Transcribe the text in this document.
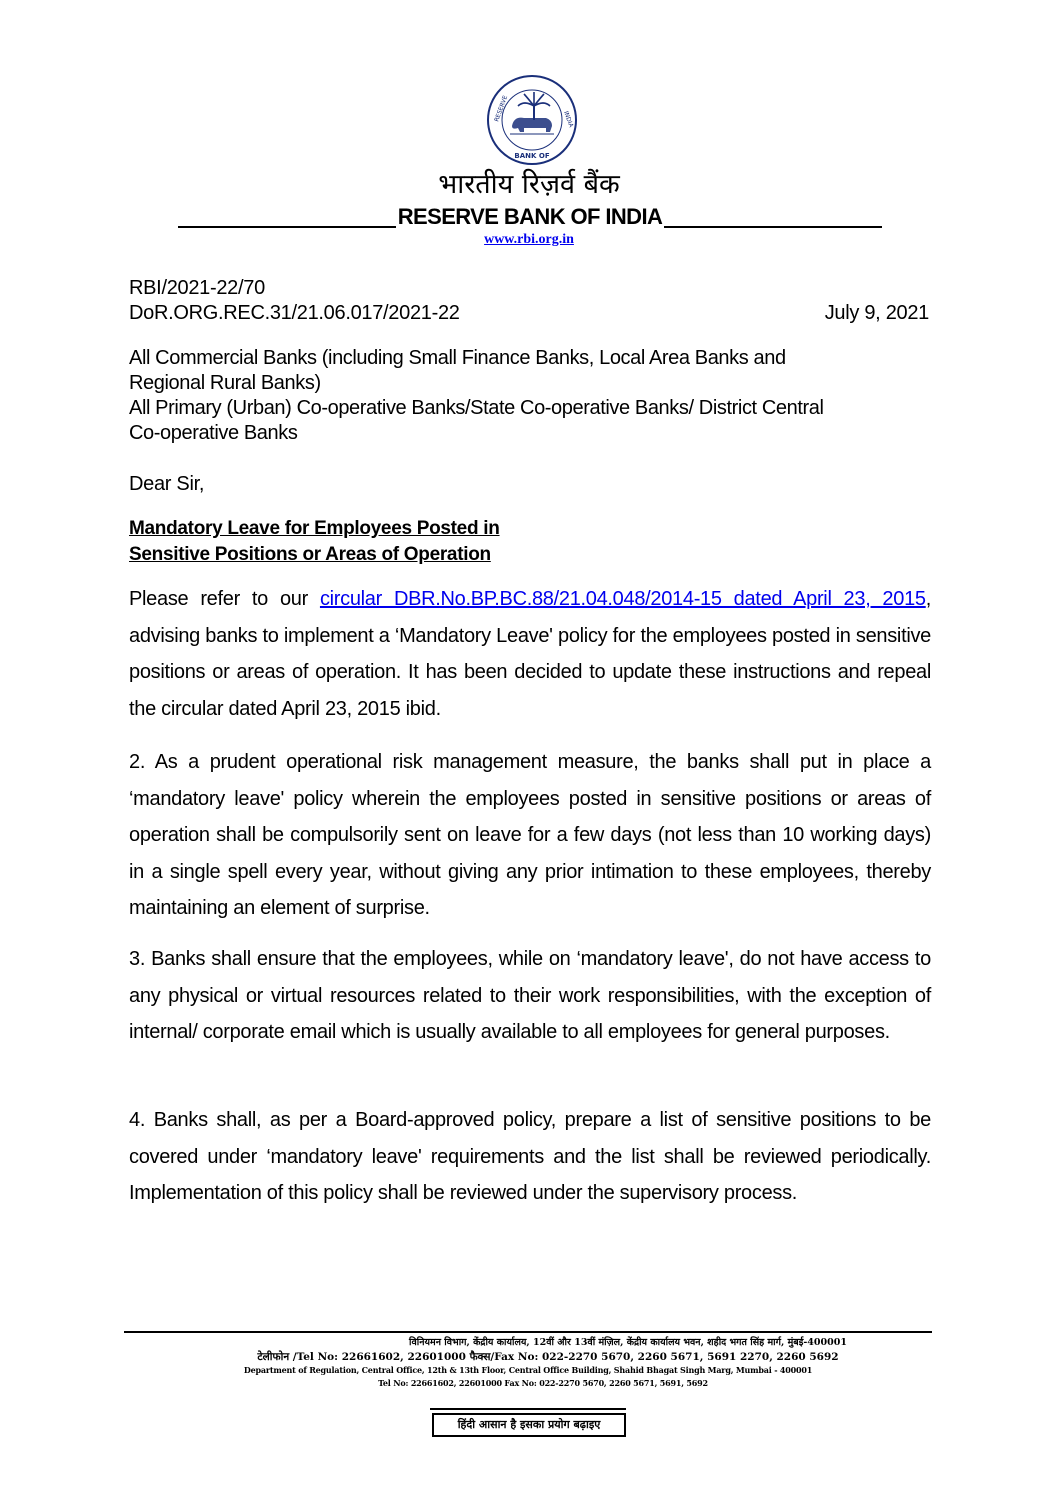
BANK OF
RESERVE	INDIA
भारतीय रिज़र्व बैंक
RESERVE BANK OF INDIA
www.rbi.org.in
RBI/2021-22/70
DoR.ORG.REC.31/21.06.017/2021-22	July 9, 2021
All Commercial Banks (including Small Finance Banks, Local Area Banks and
Regional Rural Banks)
All Primary (Urban) Co-operative Banks/State Co-operative Banks/ District Central
Co-operative Banks
Dear Sir,
Mandatory Leave for Employees Posted in
Sensitive Positions or Areas of Operation
Please refer to our circular DBR.No.BP.BC.88/21.04.048/2014-15 dated April 23, 2015, advising banks to implement a ‘Mandatory Leave' policy for the employees posted in sensitive positions or areas of operation. It has been decided to update these instructions and repeal the circular dated April 23, 2015 ibid.
2. As a prudent operational risk management measure, the banks shall put in place a ‘mandatory leave' policy wherein the employees posted in sensitive positions or areas of operation shall be compulsorily sent on leave for a few days (not less than 10 working days) in a single spell every year, without giving any prior intimation to these employees, thereby maintaining an element of surprise.
3. Banks shall ensure that the employees, while on ‘mandatory leave', do not have access to any physical or virtual resources related to their work responsibilities, with the exception of internal/ corporate email which is usually available to all employees for general purposes.
4. Banks shall, as per a Board-approved policy, prepare a list of sensitive positions to be covered under ‘mandatory leave' requirements and the list shall be reviewed periodically. Implementation of this policy shall be reviewed under the supervisory process.
विनियमन विभाग, केंद्रीय कार्यालय, 12वीं और 13वीं मंज़िल, केंद्रीय कार्यालय भवन, शहीद भगत सिंह मार्ग, मुंबई-400001
टेलीफोन /Tel No: 22661602, 22601000 फैक्स/Fax No: 022-2270 5670, 2260 5671, 5691 2270, 2260 5692
Department of Regulation, Central Office, 12th & 13th Floor, Central Office Building, Shahid Bhagat Singh Marg, Mumbai - 400001
Tel No: 22661602, 22601000 Fax No: 022-2270 5670, 2260 5671, 5691, 5692
हिंदी आसान है इसका प्रयोग बढ़ाइए
